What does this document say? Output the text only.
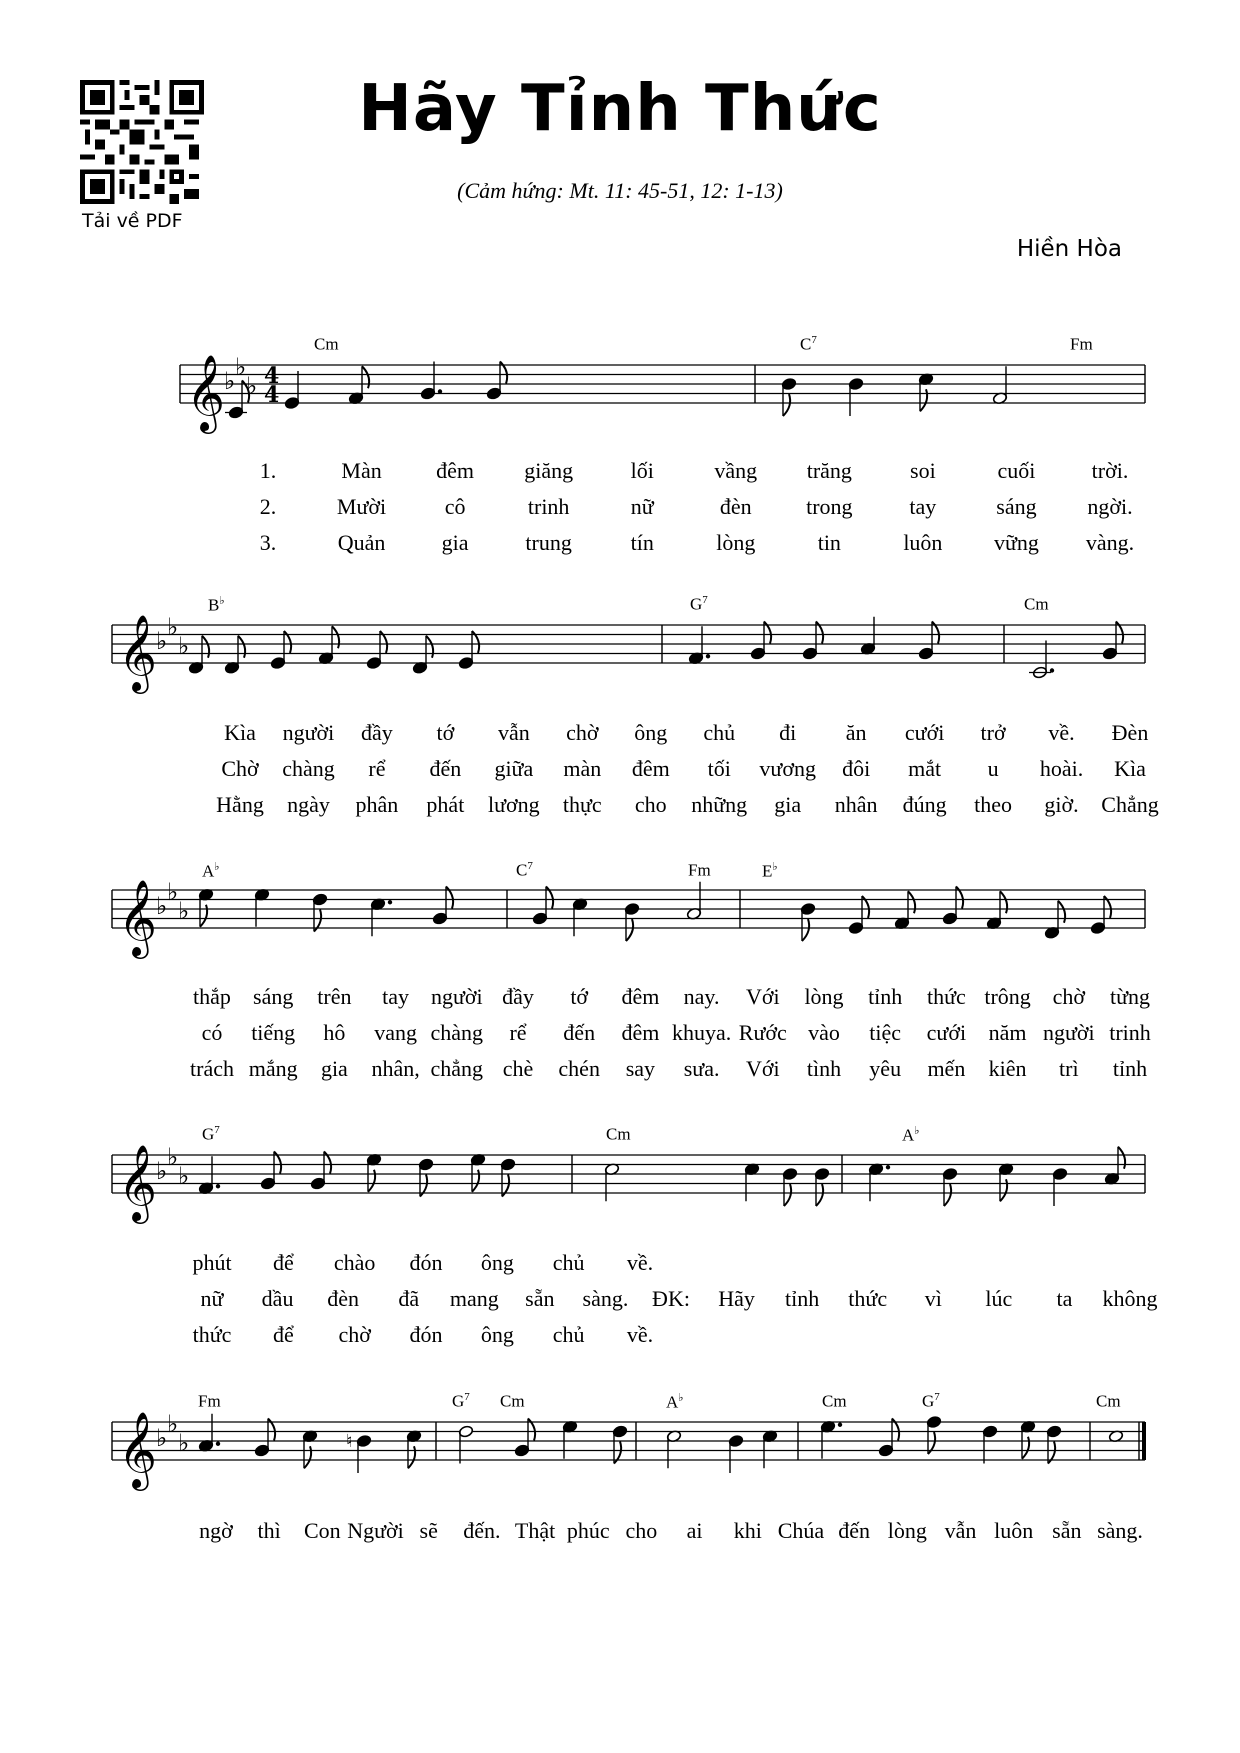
Hãy Tỉnh Thức
(Cảm hứng: Mt. 11: 45-51, 12: 1-13)
Hiền Hòa
Tải về PDF
𝄞
♭
♭
♭ 4
4
𝄞
♭
♭
♭
𝄞
♭
♭
♭
𝄞
♭
♭
♭
𝄞
♭
♭
♭	♮
Cm	$C^7$	Fm
B♭	$G^7$	Cm
A♭	$C^7$	Fm	E♭
$G^7$	Cm	A♭
Fm	$G^7$ Cm	A♭	Cm	$G^7$	Cm
1.	Màn đêm giăng	lối	vầng trăng	soi	cuối	trời.
2.	Mười	cô	trinh	nữ	đèn trong	tay	sáng ngời.
3.	Quản	gia	trung	tín	lòng	tin	luôn vững vàng.
Kìa người đầy tớ vẫn chờ ông chủ đi ăn cưới trở về. Đèn
Chờ chàng rể đến giữa màn đêm tối vương đôi mắt u hoài. Kìa
Hằng ngày phân phát lương thực cho những gia nhân đúng theo giờ. Chẳng
thắp sáng trên tay người đầy tớ đêm nay. Với lòng tỉnh thức trông chờ từng
có tiếng hô vang chàng rể đến đêm khuya. Rước vào tiệc cưới năm người trinh
trách mắng gia nhân, chẳng chè chén say sưa. Với tình yêu mến kiên trì tỉnh
phút để chào đón ông chủ về.
nữ dầu đèn đã mang sẵn sàng. ĐK: Hãy tỉnh thức vì lúc ta không
thức để chờ đón ông chủ về.
ngờ thì Con Người sẽ đến. Thật phúc cho ai khi Chúa đến lòng vẫn luôn sẵn sàng.
